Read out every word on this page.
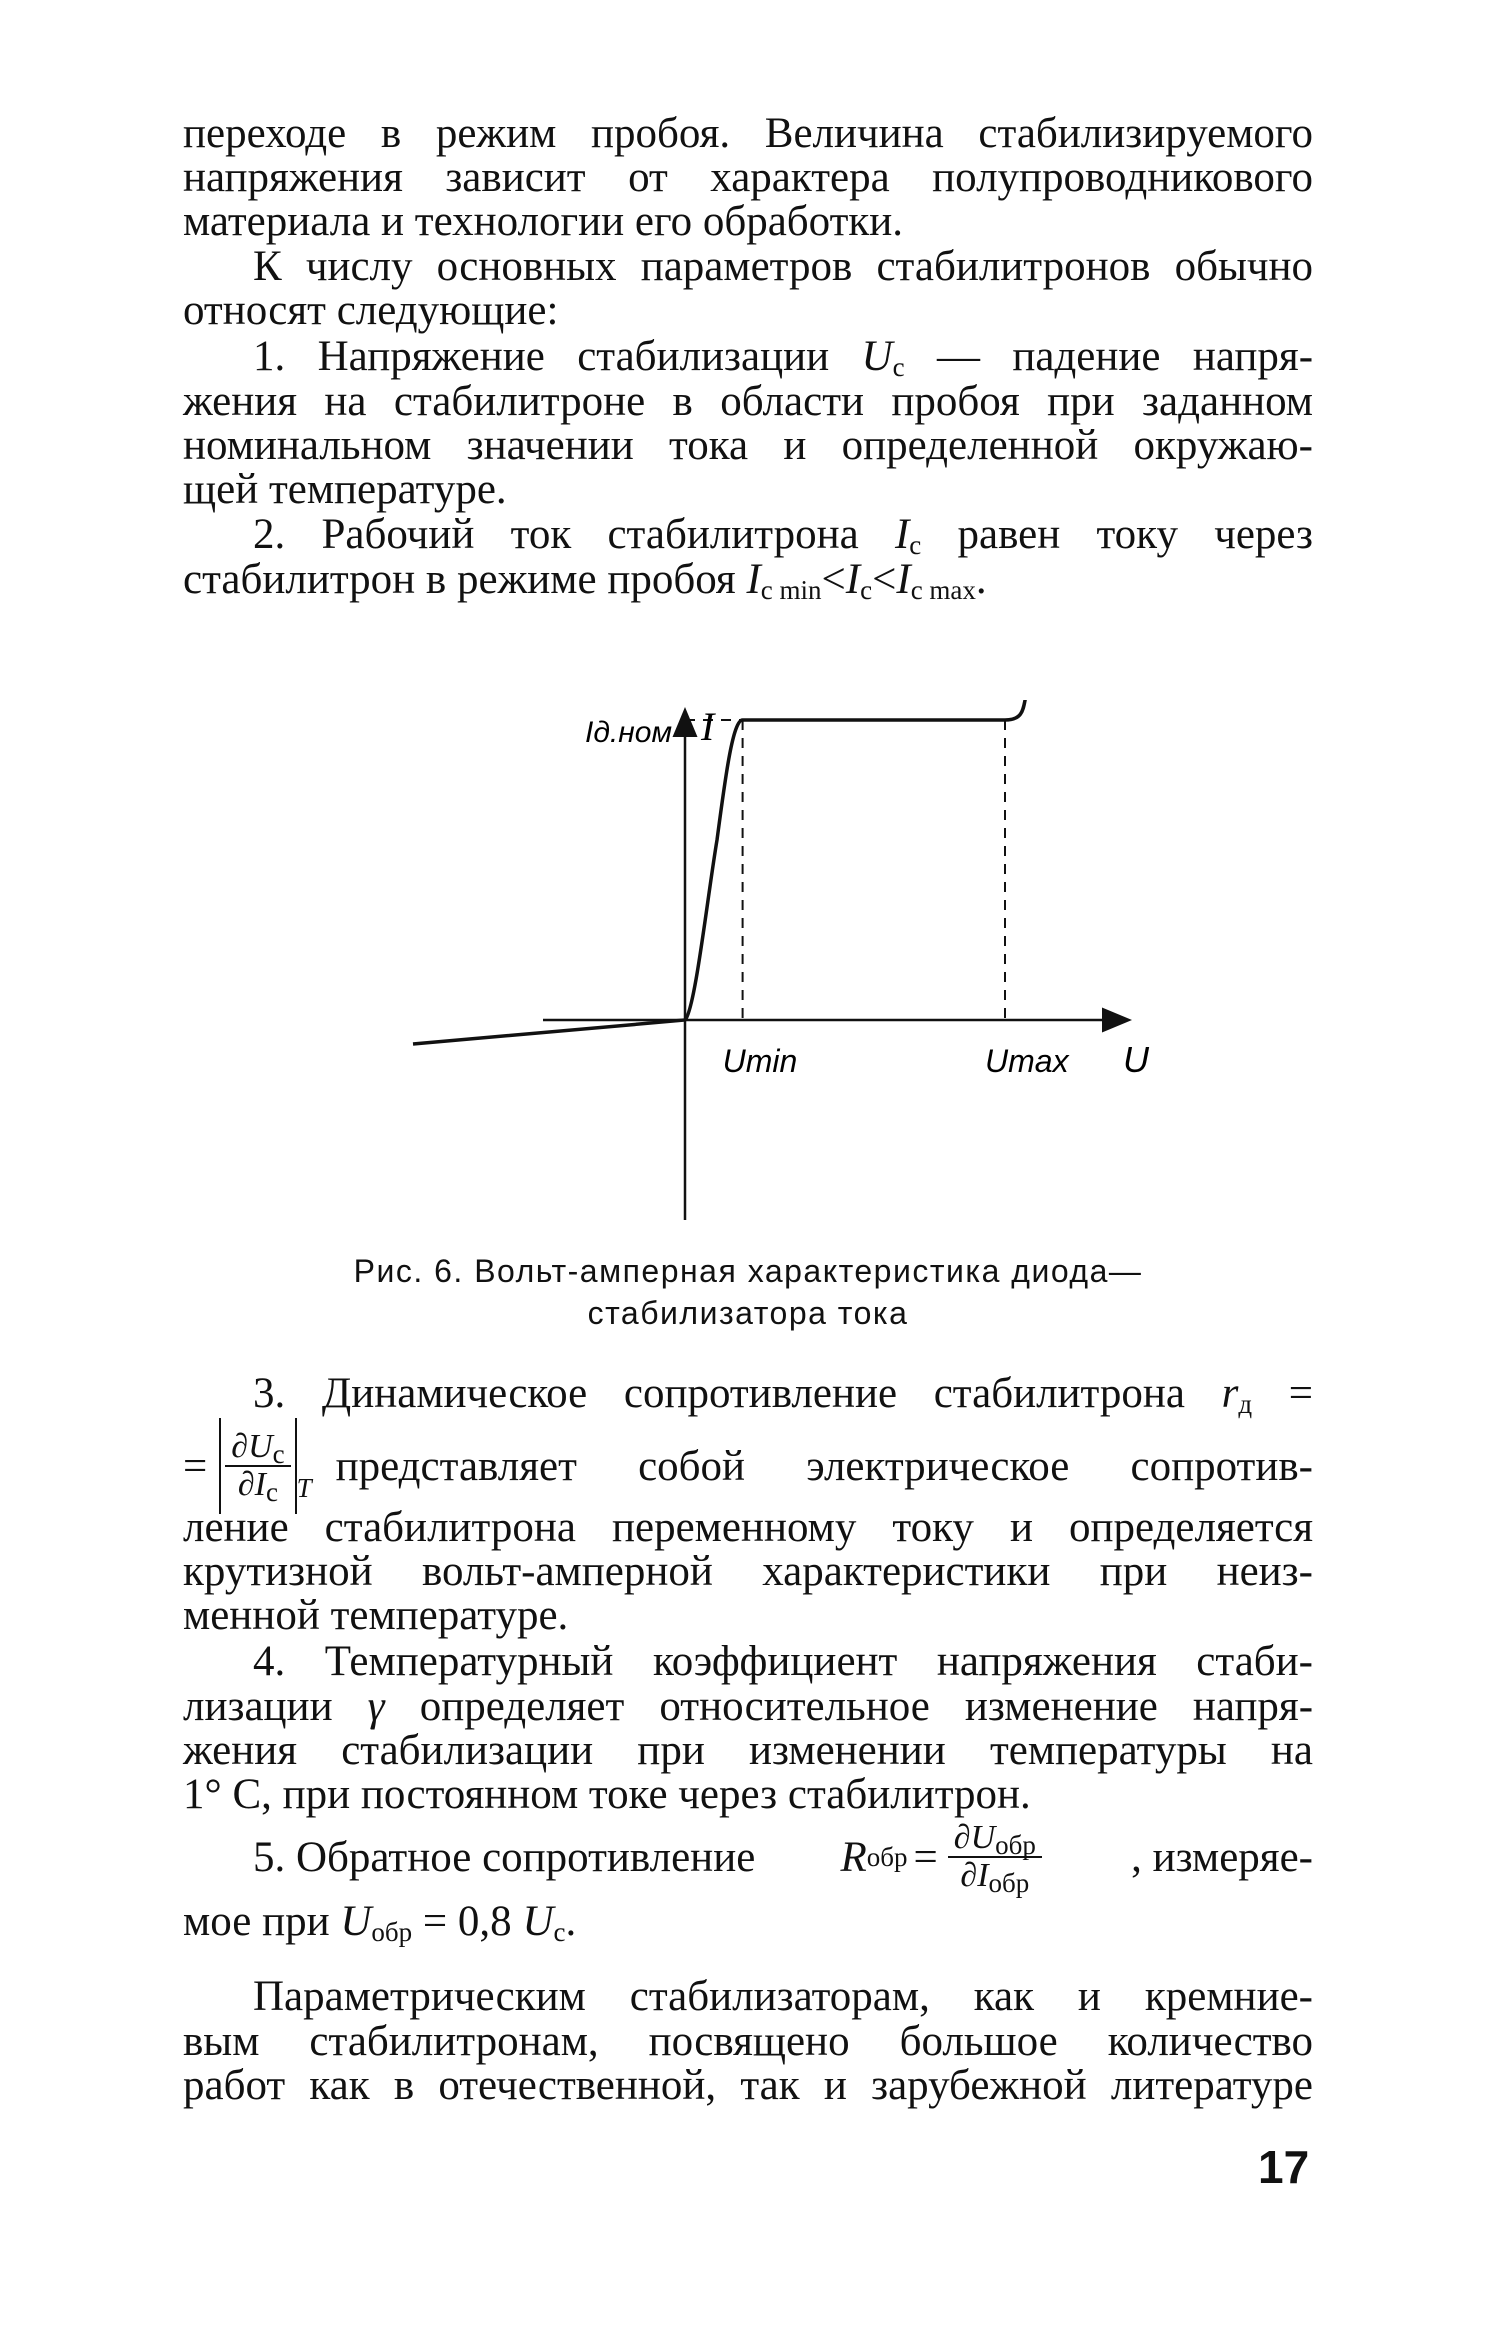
переходе в режим пробоя. Величина стабилизируемого

напряжения зависит от характера полупроводникового

материала и технологии его обработки.

К числу основных параметров стабилитронов обычно

относят следующие:

1. Напряжение стабилизации $U_с$ — падение напря-

жения на стабилитроне в области пробоя при заданном

номинальном значении тока и определенной окружаю-

щей температуре.

2. Рабочий ток стабилитрона $I_с$ равен току через

стабилитрон в режиме пробоя $I_{с min}<I_с<I_{с max}$.

I
U
Iд.ном
Umin	Umax
Рис. 6. Вольт-амперная характеристика диода—
стабилизатора тока

3. Динамическое сопротивление стабилитрона $r_д$ =

= $\frac{\partial U_с}{\partial I_с}$ T представляет собой электрическое сопротив-

ление стабилитрона переменному току и определяется

крутизной вольт-амперной характеристики при неиз-

менной температуре.

4. Температурный коэффициент напряжения стаби-

лизации γ определяет относительное изменение напря-

жения стабилизации при изменении температуры на

1° С, при постоянном токе через стабилитрон.

5. Обратное сопротивление R обр = $\frac{\partial U_{обр}}{\partial I_{обр}}$ , измеряе-

мое при $U_{обр} = 0,8$ $U_с$.

Параметрическим стабилизаторам, как и кремние-

вым стабилитронам, посвящено большое количество

работ как в отечественной, так и зарубежной литературе

17
